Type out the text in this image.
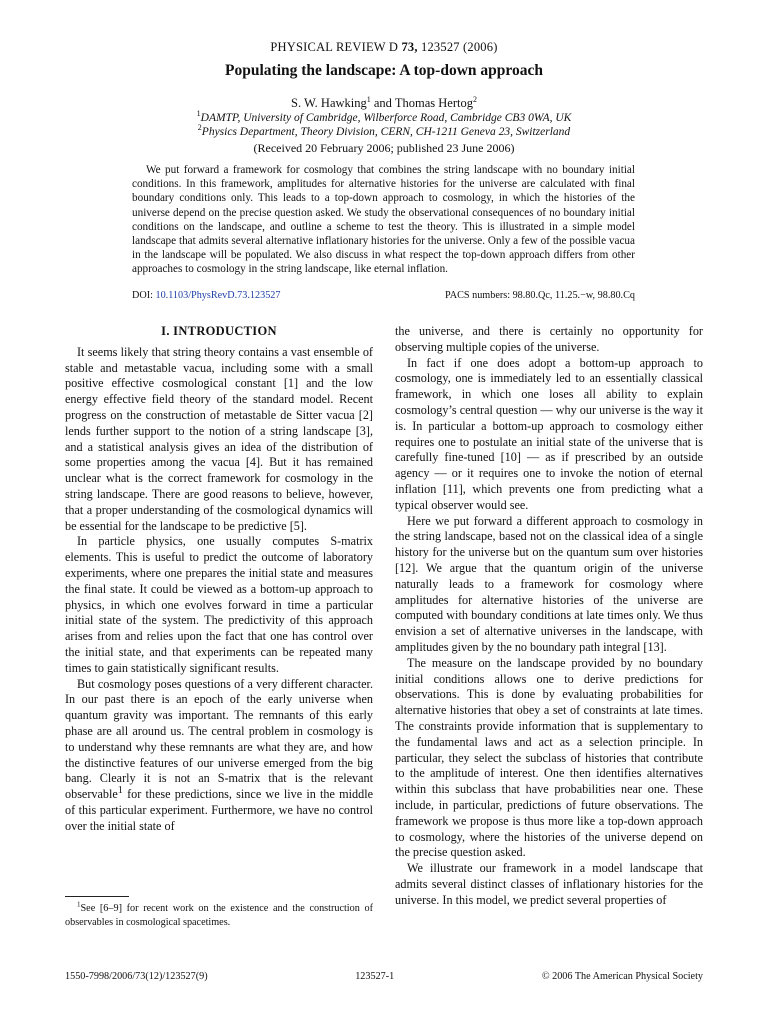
PHYSICAL REVIEW D 73, 123527 (2006)
Populating the landscape: A top-down approach
S. W. Hawking$^1$ and Thomas Hertog$^2$
$^1$DAMTP, University of Cambridge, Wilberforce Road, Cambridge CB3 0WA, UK
$^2$Physics Department, Theory Division, CERN, CH-1211 Geneva 23, Switzerland
(Received 20 February 2006; published 23 June 2006)
We put forward a framework for cosmology that combines the string landscape with no boundary initial conditions. In this framework, amplitudes for alternative histories for the universe are calculated with final boundary conditions only. This leads to a top-down approach to cosmology, in which the histories of the universe depend on the precise question asked. We study the observational consequences of no boundary initial conditions on the landscape, and outline a scheme to test the theory. This is illustrated in a simple model landscape that admits several alternative inflationary histories for the universe. Only a few of the possible vacua in the landscape will be populated. We also discuss in what respect the top-down approach differs from other approaches to cosmology in the string landscape, like eternal inflation.
DOI: 10.1103/PhysRevD.73.123527	PACS numbers: 98.80.Qc, 11.25.−w, 98.80.Cq
I. INTRODUCTION

It seems likely that string theory contains a vast ensemble of stable and metastable vacua, including some with a small positive effective cosmological constant [1] and the low energy effective field theory of the standard model. Recent progress on the construction of metastable de Sitter vacua [2] lends further support to the notion of a string landscape [3], and a statistical analysis gives an idea of the distribution of some properties among the vacua [4]. But it has remained unclear what is the correct framework for cosmology in the string landscape. There are good reasons to believe, however, that a proper understanding of the cosmological dynamics will be essential for the landscape to be predictive [5].

In particle physics, one usually computes S-matrix elements. This is useful to predict the outcome of laboratory experiments, where one prepares the initial state and measures the final state. It could be viewed as a bottom-up approach to physics, in which one evolves forward in time a particular initial state of the system. The predictivity of this approach arises from and relies upon the fact that one has control over the initial state, and that experiments can be repeated many times to gain statistically significant results.

But cosmology poses questions of a very different character. In our past there is an epoch of the early universe when quantum gravity was important. The remnants of this early phase are all around us. The central problem in cosmology is to understand why these remnants are what they are, and how the distinctive features of our universe emerged from the big bang. Clearly it is not an S-matrix that is the relevant observable$^1$ for these predictions, since we live in the middle of this particular experiment. Furthermore, we have no control over the initial state of

the universe, and there is certainly no opportunity for observing multiple copies of the universe.

In fact if one does adopt a bottom-up approach to cosmology, one is immediately led to an essentially classical framework, in which one loses all ability to explain cosmology’s central question — why our universe is the way it is. In particular a bottom-up approach to cosmology either requires one to postulate an initial state of the universe that is carefully fine-tuned [10] — as if prescribed by an outside agency — or it requires one to invoke the notion of eternal inflation [11], which prevents one from predicting what a typical observer would see.

Here we put forward a different approach to cosmology in the string landscape, based not on the classical idea of a single history for the universe but on the quantum sum over histories [12]. We argue that the quantum origin of the universe naturally leads to a framework for cosmology where amplitudes for alternative histories of the universe are computed with boundary conditions at late times only. We thus envision a set of alternative universes in the landscape, with amplitudes given by the no boundary path integral [13].

The measure on the landscape provided by no boundary initial conditions allows one to derive predictions for observations. This is done by evaluating probabilities for alternative histories that obey a set of constraints at late times. The constraints provide information that is supplementary to the fundamental laws and act as a selection principle. In particular, they select the subclass of histories that contribute to the amplitude of interest. One then identifies alternatives within this subclass that have probabilities near one. These include, in particular, predictions of future observations. The framework we propose is thus more like a top-down approach to cosmology, where the histories of the universe depend on the precise question asked.

We illustrate our framework in a model landscape that admits several distinct classes of inflationary histories for the universe. In this model, we predict several properties of

$^1$See [6–9] for recent work on the existence and the construction of observables in cosmological spacetimes.
1550-7998/2006/73(12)/123527(9)	123527-1	© 2006 The American Physical Society
